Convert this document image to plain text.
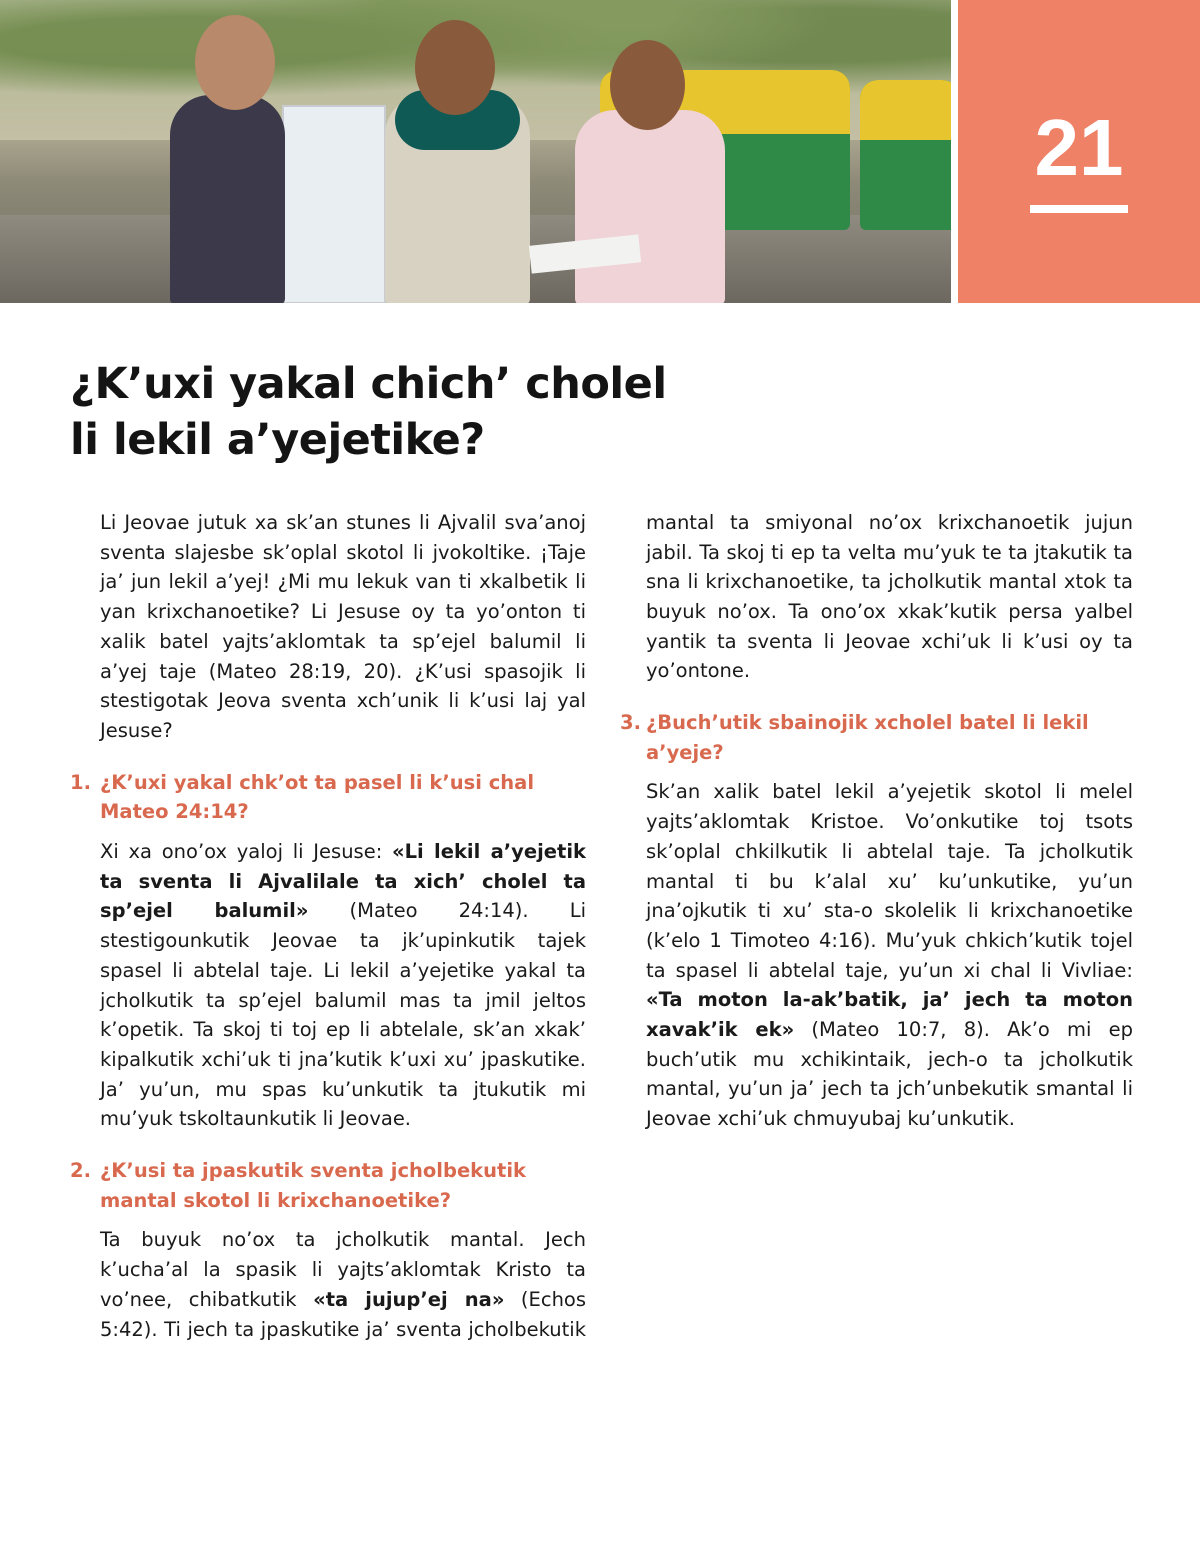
21
¿K’uxi yakal chich’ cholel
li lekil a’yejetike?

Li Jeovae jutuk xa sk’an stunes li Ajvalil sva’anoj sventa slajesbe sk’oplal skotol li jvokoltike. ¡Taje ja’ jun lekil a’yej! ¿Mi mu lekuk van ti xkalbetik li yan krixchanoetike? Li Jesuse oy ta yo’onton ti xalik batel yajts’aklomtak ta sp’ejel balumil li a’yej taje (Mateo 28:19, 20). ¿K’usi spasojik li stestigotak Jeova sventa xch’unik li k’usi laj yal Jesuse?

1. ¿K’uxi yakal chk’ot ta pasel li k’usi chal Mateo 24:14?

Xi xa ono’ox yaloj li Jesuse: «Li lekil a’yejetik ta sventa li Ajvalilale ta xich’ cholel ta sp’ejel balumil» (Mateo 24:14). Li stestigounkutik Jeovae ta jk’upinkutik tajek spasel li abtelal taje. Li lekil a’yejetike yakal ta jcholkutik ta sp’ejel balumil mas ta jmil jeltos k’opetik. Ta skoj ti toj ep li abtelale, sk’an xkak’ kipalkutik xchi’uk ti jna’kutik k’uxi xu’ jpaskutike. Ja’ yu’un, mu spas ku’unkutik ta jtukutik mi mu’yuk tskoltaunkutik li Jeovae.

2. ¿K’usi ta jpaskutik sventa jcholbekutik mantal skotol li krixchanoetike?

Ta buyuk no’ox ta jcholkutik mantal. Jech k’ucha’al la spasik li yajts’aklomtak Kristo ta vo’nee, chibatkutik «ta jujup’ej na» (Echos 5:42). Ti jech ta jpaskutike ja’ sventa jcholbekutik

mantal ta smiyonal no’ox krixchanoetik jujun jabil. Ta skoj ti ep ta velta mu’yuk te ta jtakutik ta sna li krixchanoetike, ta jcholkutik mantal xtok ta buyuk no’ox. Ta ono’ox xkak’kutik persa yalbel yantik ta sventa li Jeovae xchi’uk li k’usi oy ta yo’ontone.

3. ¿Buch’utik sbainojik xcholel batel li lekil a’yeje?

Sk’an xalik batel lekil a’yejetik skotol li melel yajts’aklomtak Kristoe. Vo’onkutike toj tsots sk’oplal chkilkutik li abtelal taje. Ta jcholkutik mantal ti bu k’alal xu’ ku’unkutike, yu’un jna’ojkutik ti xu’ sta-o skolelik li krixchanoetike (k’elo 1 Timoteo 4:16). Mu’yuk chkich’kutik tojel ta spasel li abtelal taje, yu’un xi chal li Vivliae: «Ta moton la-ak’batik, ja’ jech ta moton xavak’ik ek» (Mateo 10:7, 8). Ak’o mi ep buch’utik mu xchikintaik, jech-o ta jcholkutik mantal, yu’un ja’ jech ta jch’unbekutik smantal li Jeovae xchi’uk chmuyubaj ku’unkutik.
